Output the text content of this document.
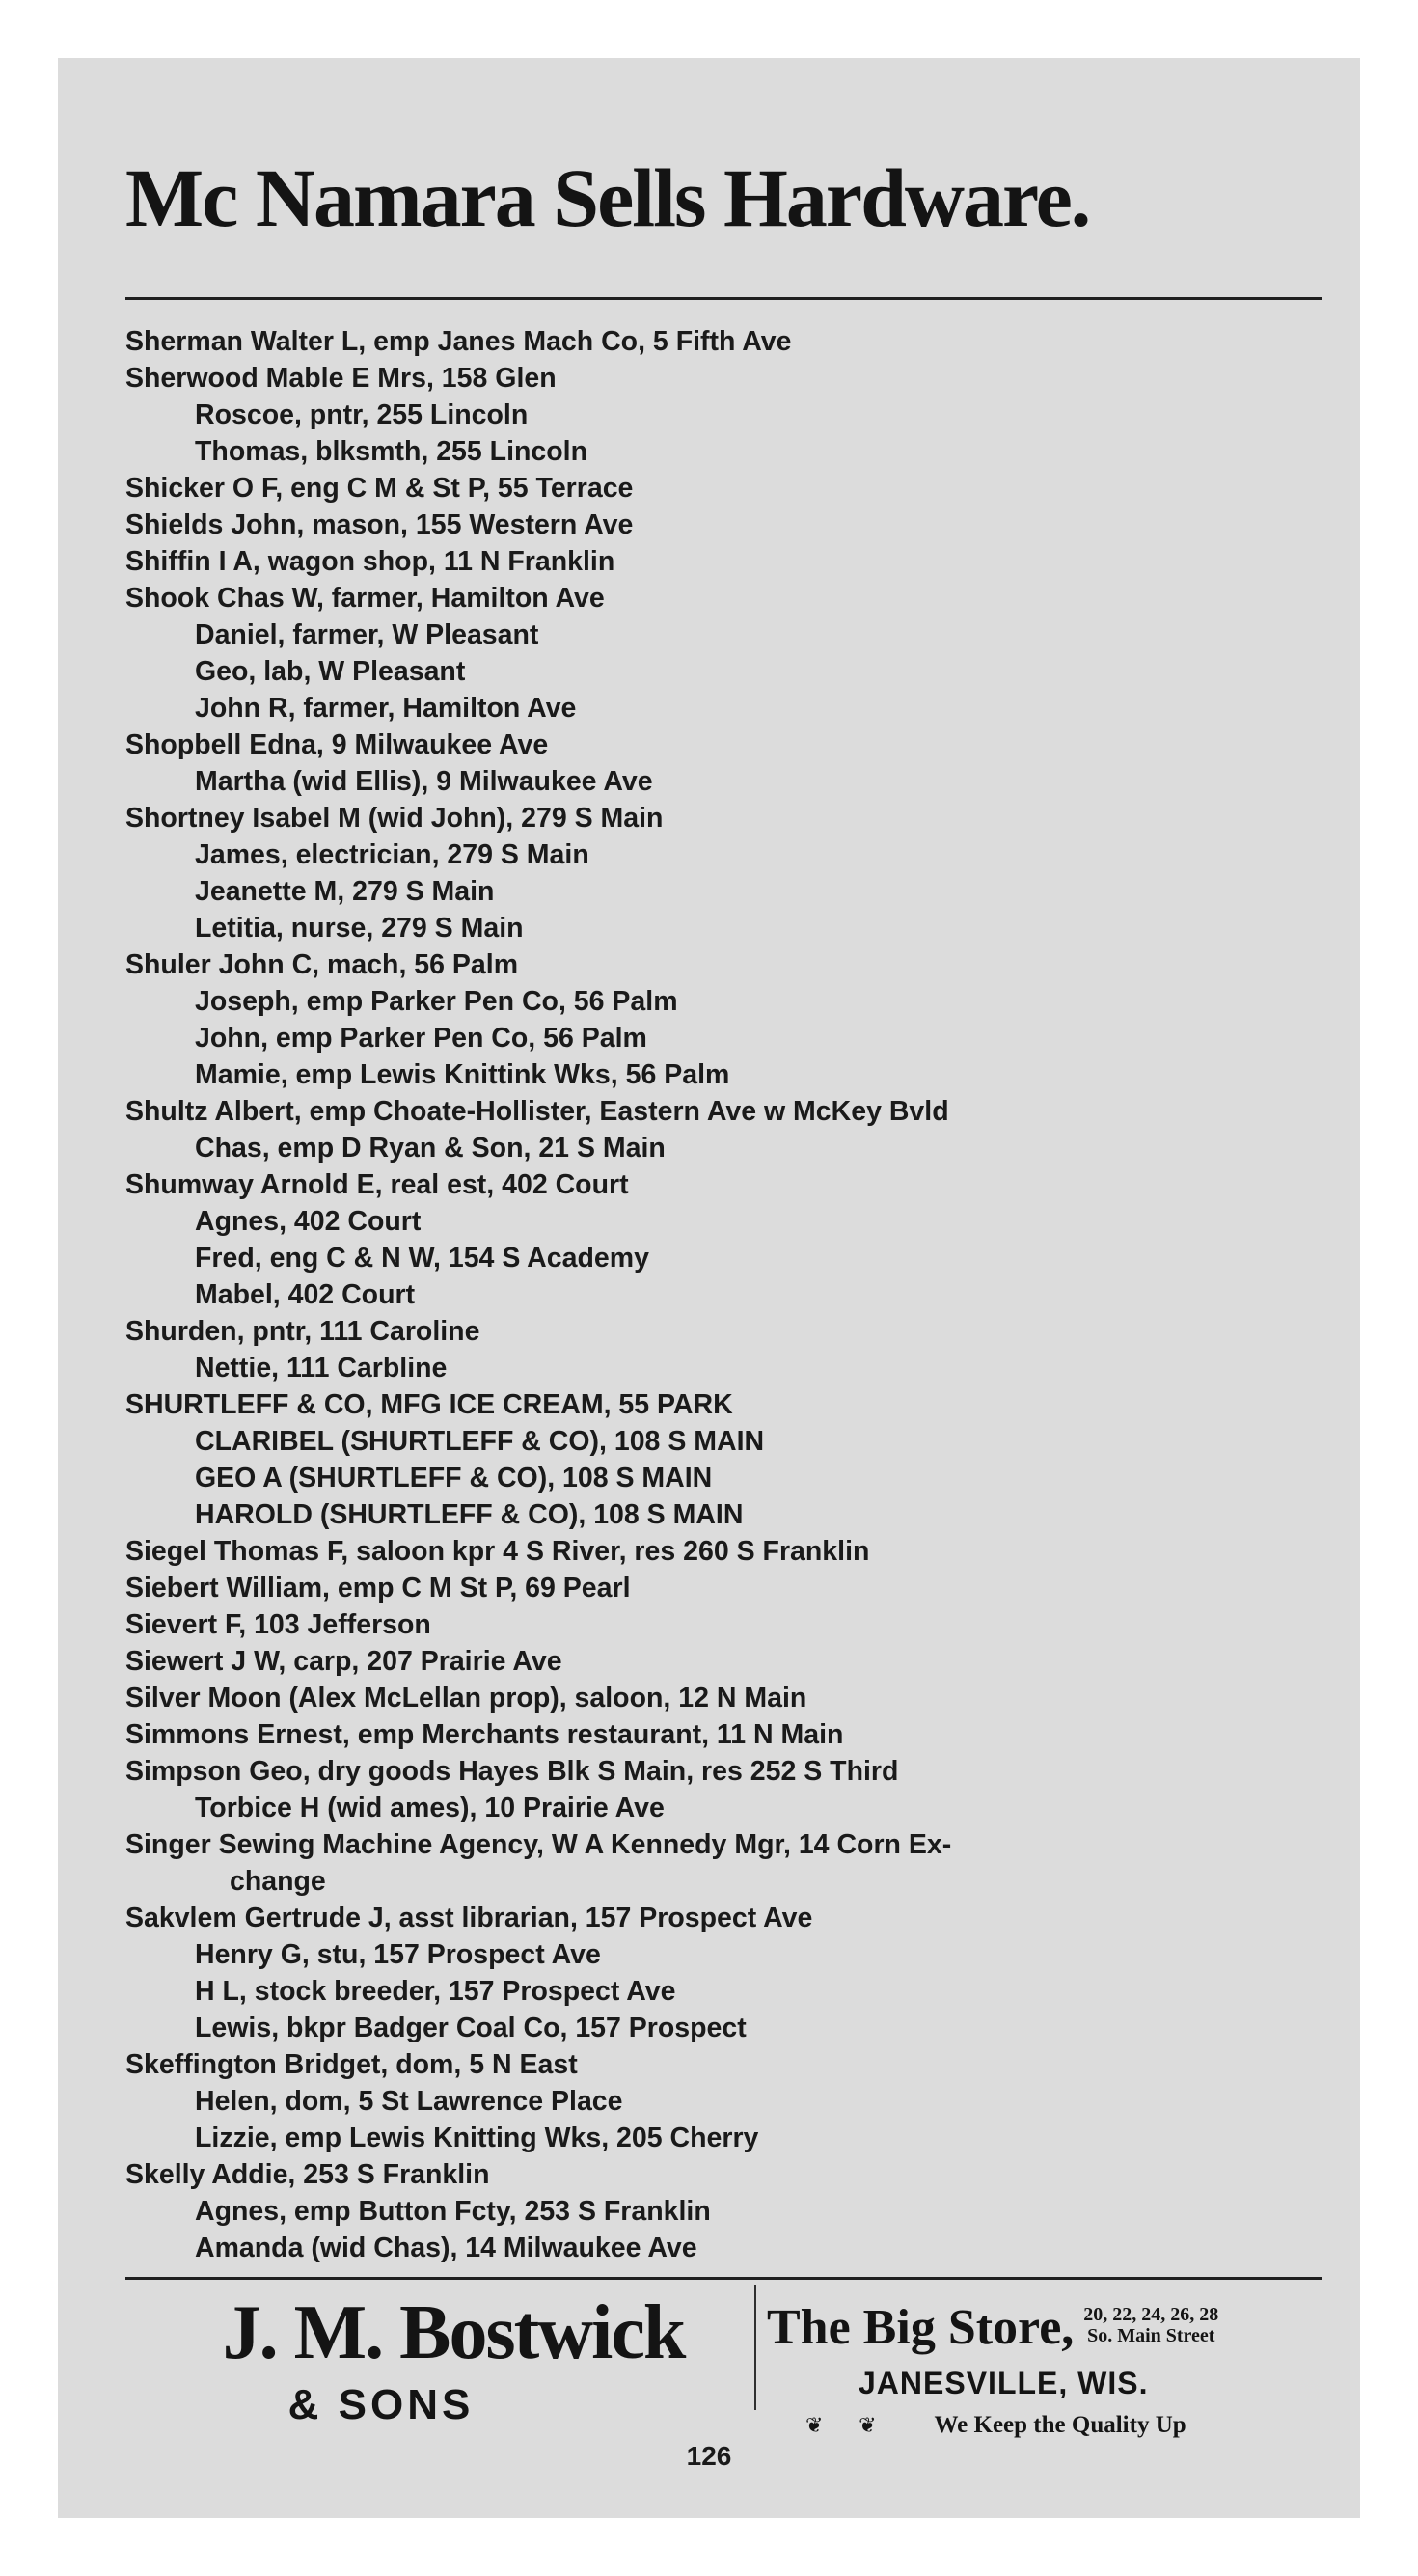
Mc Namara Sells Hardware.
Sherman Walter L, emp Janes Mach Co, 5 Fifth Ave
Sherwood Mable E Mrs, 158 Glen
Roscoe, pntr, 255 Lincoln
Thomas, blksmth, 255 Lincoln
Shicker O F, eng C M & St P, 55 Terrace
Shields John, mason, 155 Western Ave
Shiffin I A, wagon shop, 11 N Franklin
Shook Chas W, farmer, Hamilton Ave
Daniel, farmer, W Pleasant
Geo, lab, W Pleasant
John R, farmer, Hamilton Ave
Shopbell Edna, 9 Milwaukee Ave
Martha (wid Ellis), 9 Milwaukee Ave
Shortney Isabel M (wid John), 279 S Main
James, electrician, 279 S Main
Jeanette M, 279 S Main
Letitia, nurse, 279 S Main
Shuler John C, mach, 56 Palm
Joseph, emp Parker Pen Co, 56 Palm
John, emp Parker Pen Co, 56 Palm
Mamie, emp Lewis Knittink Wks, 56 Palm
Shultz Albert, emp Choate-Hollister, Eastern Ave w McKey Bvld
Chas, emp D Ryan & Son, 21 S Main
Shumway Arnold E, real est, 402 Court
Agnes, 402 Court
Fred, eng C & N W, 154 S Academy
Mabel, 402 Court
Shurden, pntr, 111 Caroline
Nettie, 111 Carbline
SHURTLEFF & CO, MFG ICE CREAM, 55 PARK
CLARIBEL (SHURTLEFF & CO), 108 S MAIN
GEO A (SHURTLEFF & CO), 108 S MAIN
HAROLD (SHURTLEFF & CO), 108 S MAIN
Siegel Thomas F, saloon kpr 4 S River, res 260 S Franklin
Siebert William, emp C M St P, 69 Pearl
Sievert F, 103 Jefferson
Siewert J W, carp, 207 Prairie Ave
Silver Moon (Alex McLellan prop), saloon, 12 N Main
Simmons Ernest, emp Merchants restaurant, 11 N Main
Simpson Geo, dry goods Hayes Blk S Main, res 252 S Third
Torbice H (wid ames), 10 Prairie Ave
Singer Sewing Machine Agency, W A Kennedy Mgr, 14 Corn Ex-
change
Sakvlem Gertrude J, asst librarian, 157 Prospect Ave
Henry G, stu, 157 Prospect Ave
H L, stock breeder, 157 Prospect Ave
Lewis, bkpr Badger Coal Co, 157 Prospect
Skeffington Bridget, dom, 5 N East
Helen, dom, 5 St Lawrence Place
Lizzie, emp Lewis Knitting Wks, 205 Cherry
Skelly Addie, 253 S Franklin
Agnes, emp Button Fcty, 253 S Franklin
Amanda (wid Chas), 14 Milwaukee Ave
J. M. Bostwick
& SONS
The Big Store, 20, 22, 24, 26, 28
So. Main Street
JANESVILLE, WIS.
❦      ❦ We Keep the Quality Up
126
